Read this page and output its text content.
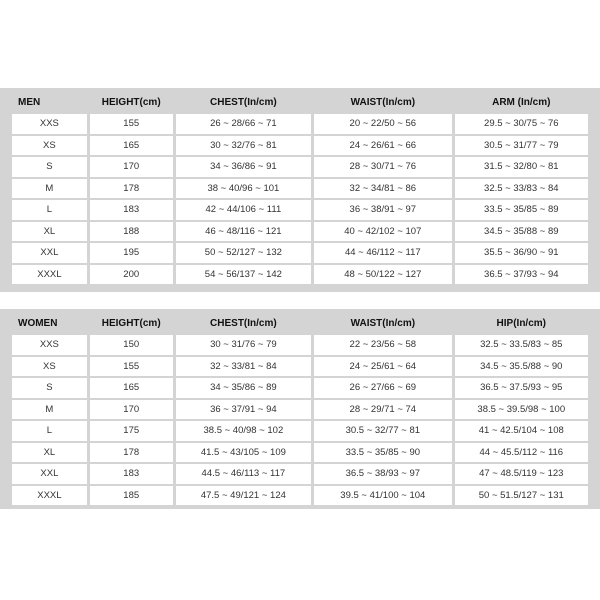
MEN	HEIGHT(cm)	CHEST(In/cm)	WAIST(In/cm)	ARM (In/cm)
XXS	155	26 ~ 28/66 ~ 71	20 ~ 22/50 ~ 56	29.5 ~ 30/75 ~ 76
XS	165	30 ~ 32/76 ~ 81	24 ~ 26/61 ~ 66	30.5 ~ 31/77 ~ 79
S	170	34 ~ 36/86 ~ 91	28 ~ 30/71 ~ 76	31.5 ~ 32/80 ~ 81
M	178	38 ~ 40/96 ~ 101	32 ~ 34/81 ~ 86	32.5 ~ 33/83 ~ 84
L	183	42 ~ 44/106 ~ 111	36 ~ 38/91 ~ 97	33.5 ~ 35/85 ~ 89
XL	188	46 ~ 48/116 ~ 121	40 ~ 42/102 ~ 107	34.5 ~ 35/88 ~ 89
XXL	195	50 ~ 52/127 ~ 132	44 ~ 46/112 ~ 117	35.5 ~ 36/90 ~ 91
XXXL	200	54 ~ 56/137 ~ 142	48 ~ 50/122 ~ 127	36.5 ~ 37/93 ~ 94
WOMEN	HEIGHT(cm)	CHEST(In/cm)	WAIST(In/cm)	HIP(In/cm)
XXS	150	30 ~ 31/76 ~ 79	22 ~ 23/56 ~ 58	32.5 ~ 33.5/83 ~ 85
XS	155	32 ~ 33/81 ~ 84	24 ~ 25/61 ~ 64	34.5 ~ 35.5/88 ~ 90
S	165	34 ~ 35/86 ~ 89	26 ~ 27/66 ~ 69	36.5 ~ 37.5/93 ~ 95
M	170	36 ~ 37/91 ~ 94	28 ~ 29/71 ~ 74	38.5 ~ 39.5/98 ~ 100
L	175	38.5 ~ 40/98 ~ 102	30.5 ~ 32/77 ~ 81	41 ~ 42.5/104 ~ 108
XL	178	41.5 ~ 43/105 ~ 109	33.5 ~ 35/85 ~ 90	44 ~ 45.5/112 ~ 116
XXL	183	44.5 ~ 46/113 ~ 117	36.5 ~ 38/93 ~ 97	47 ~ 48.5/119 ~ 123
XXXL	185	47.5 ~ 49/121 ~ 124	39.5 ~ 41/100 ~ 104	50 ~ 51.5/127 ~ 131
